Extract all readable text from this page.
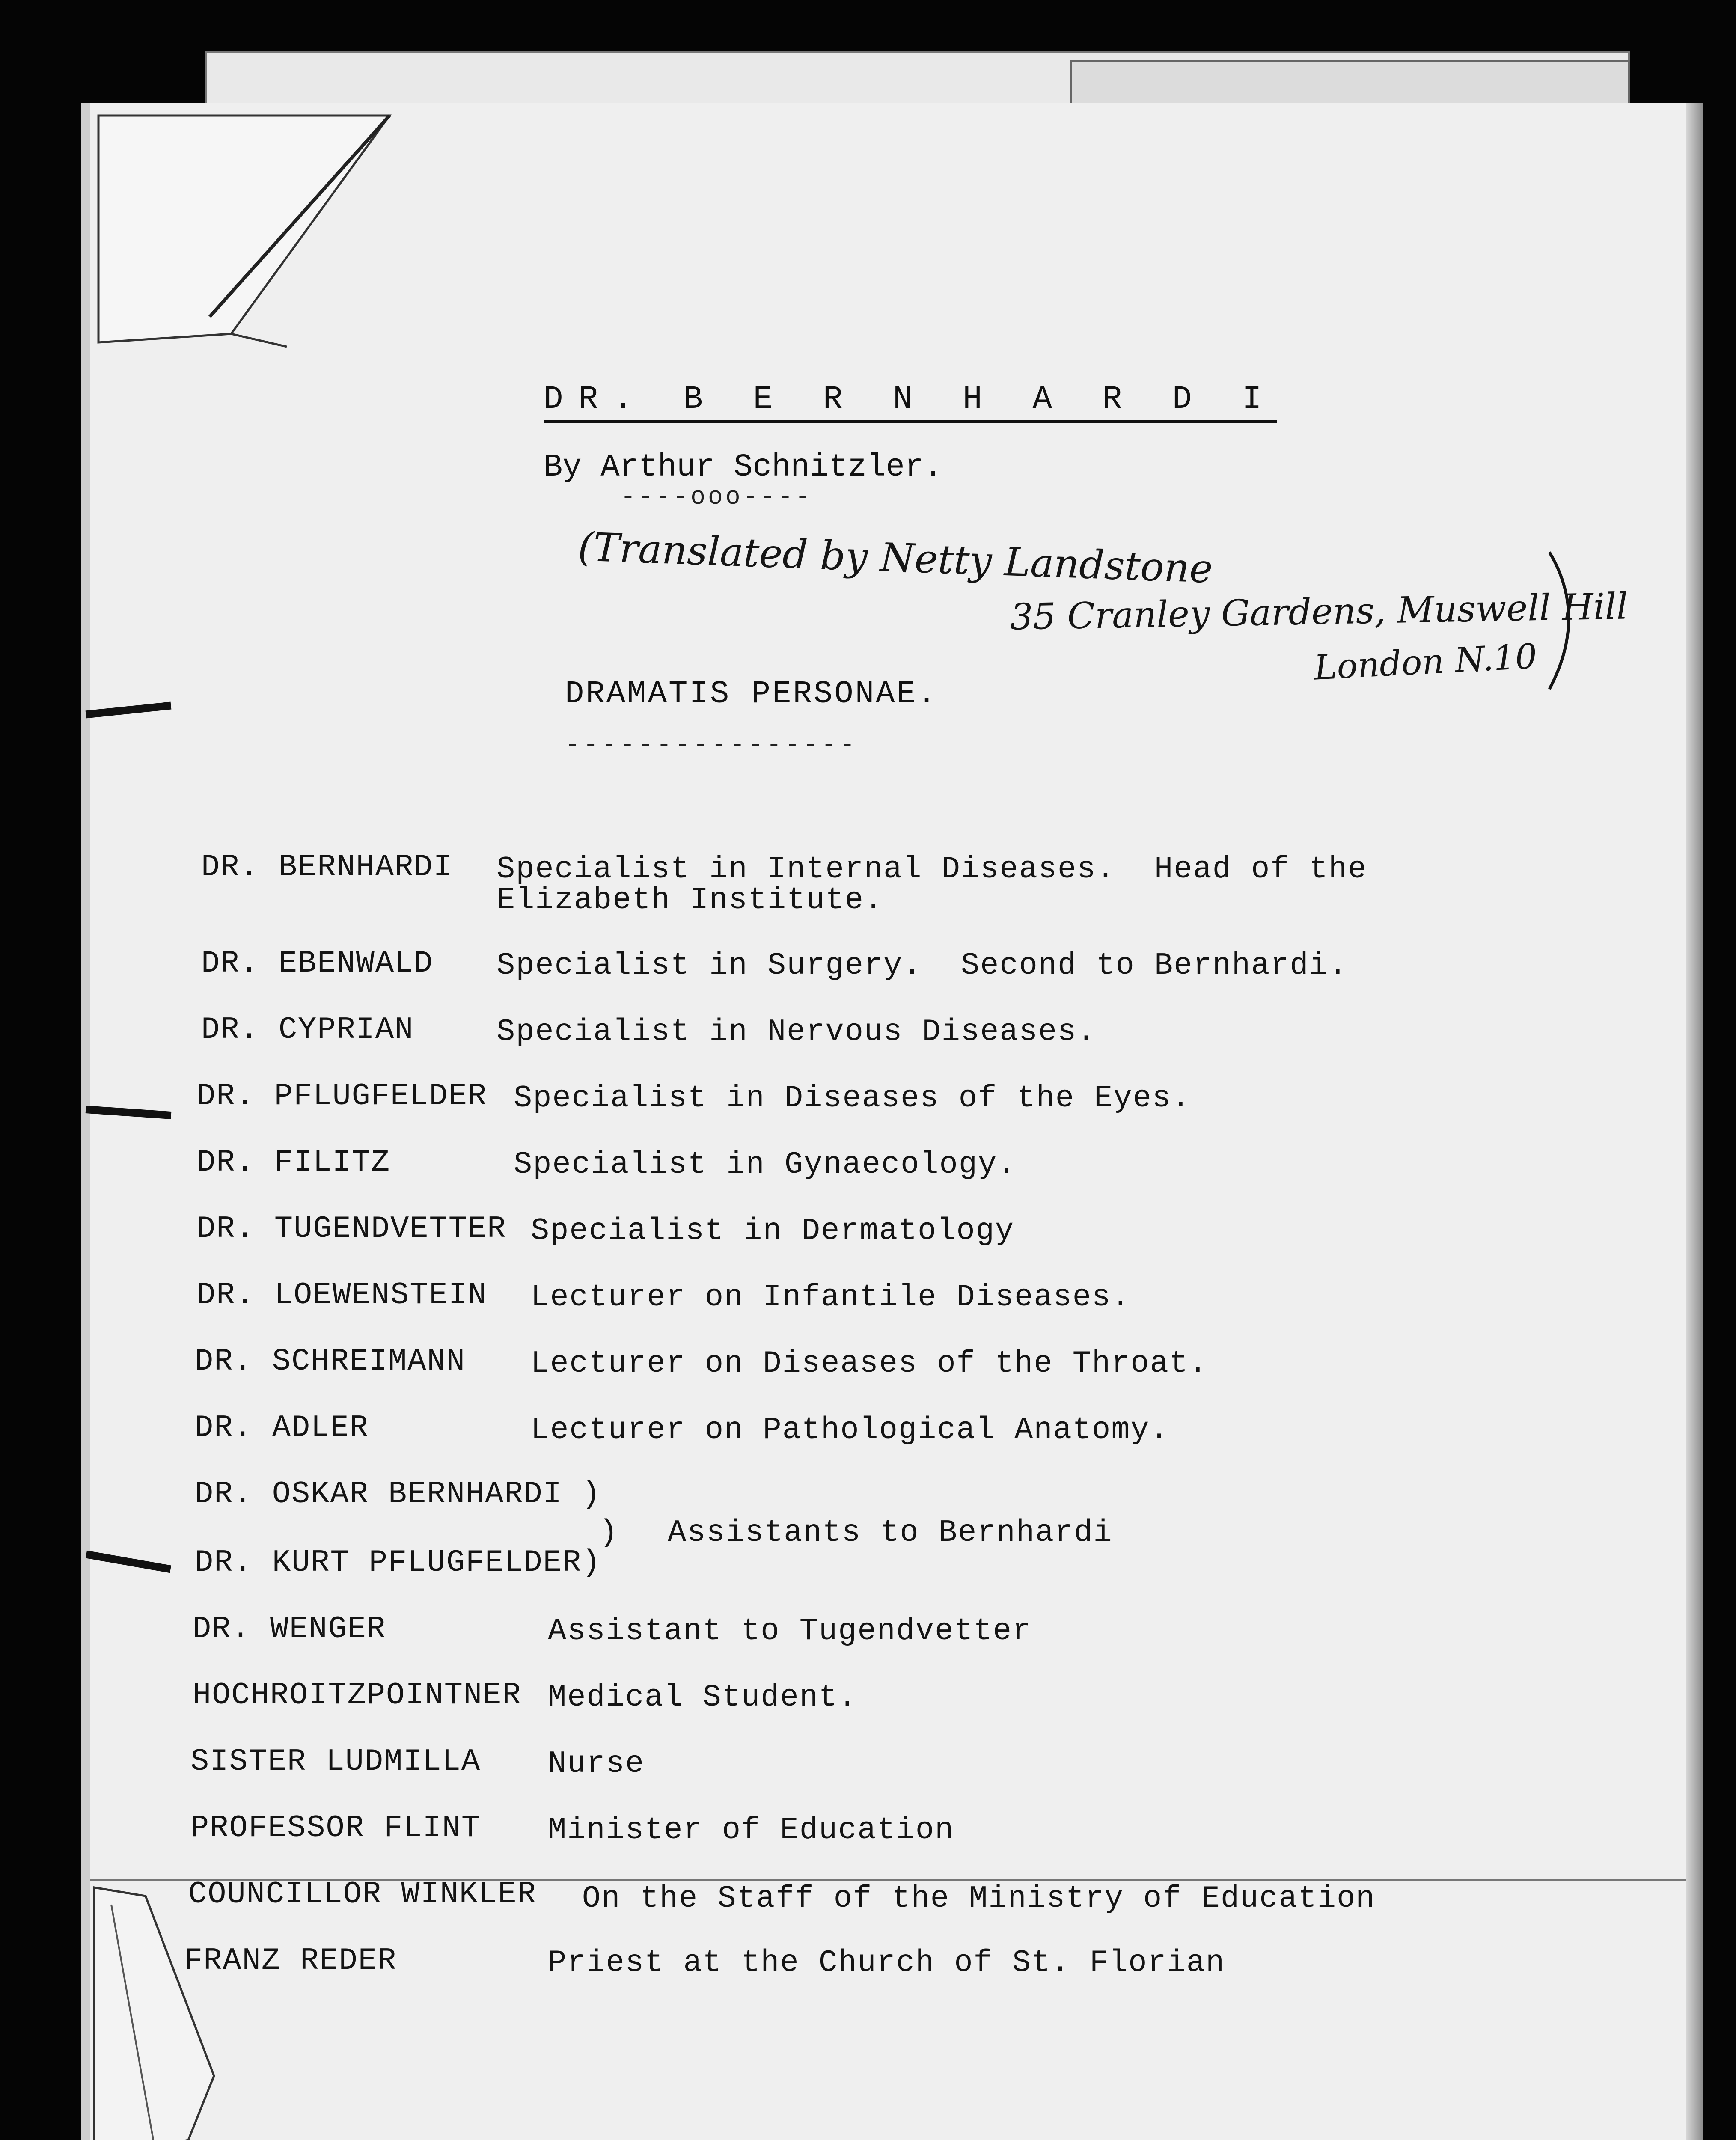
DR. B E R N H A R D I
By Arthur Schnitzler.
----ooo----
(Translated by Netty Landstone
35 Cranley Gardens, Muswell Hill
London N.10
DRAMATIS PERSONAE.
----------------
DR. BERNHARDI Specialist in Internal Diseases.  Head of the
Elizabeth Institute.
DR. EBENWALD Specialist in Surgery.  Second to Bernhardi.
DR. CYPRIAN	Specialist in Nervous Diseases.
DR. PFLUGFELDER Specialist in Diseases of the Eyes.
DR. FILITZ	Specialist in Gynaecology.
DR. TUGENDVETTER Specialist in Dermatology
DR. LOEWENSTEIN Lecturer on Infantile Diseases.
DR. SCHREIMANN Lecturer on Diseases of the Throat.
DR. ADLER	Lecturer on Pathological Anatomy.
DR. OSKAR BERNHARDI )
) Assistants to Bernhardi
DR. KURT PFLUGFELDER)
DR. WENGER	Assistant to Tugendvetter
HOCHROITZPOINTNER Medical Student.
SISTER LUDMILLA Nurse
PROFESSOR FLINT Minister of Education
COUNCILLOR WINKLER On the Staff of the Ministry of Education
FRANZ REDER	Priest at the Church of St. Florian
